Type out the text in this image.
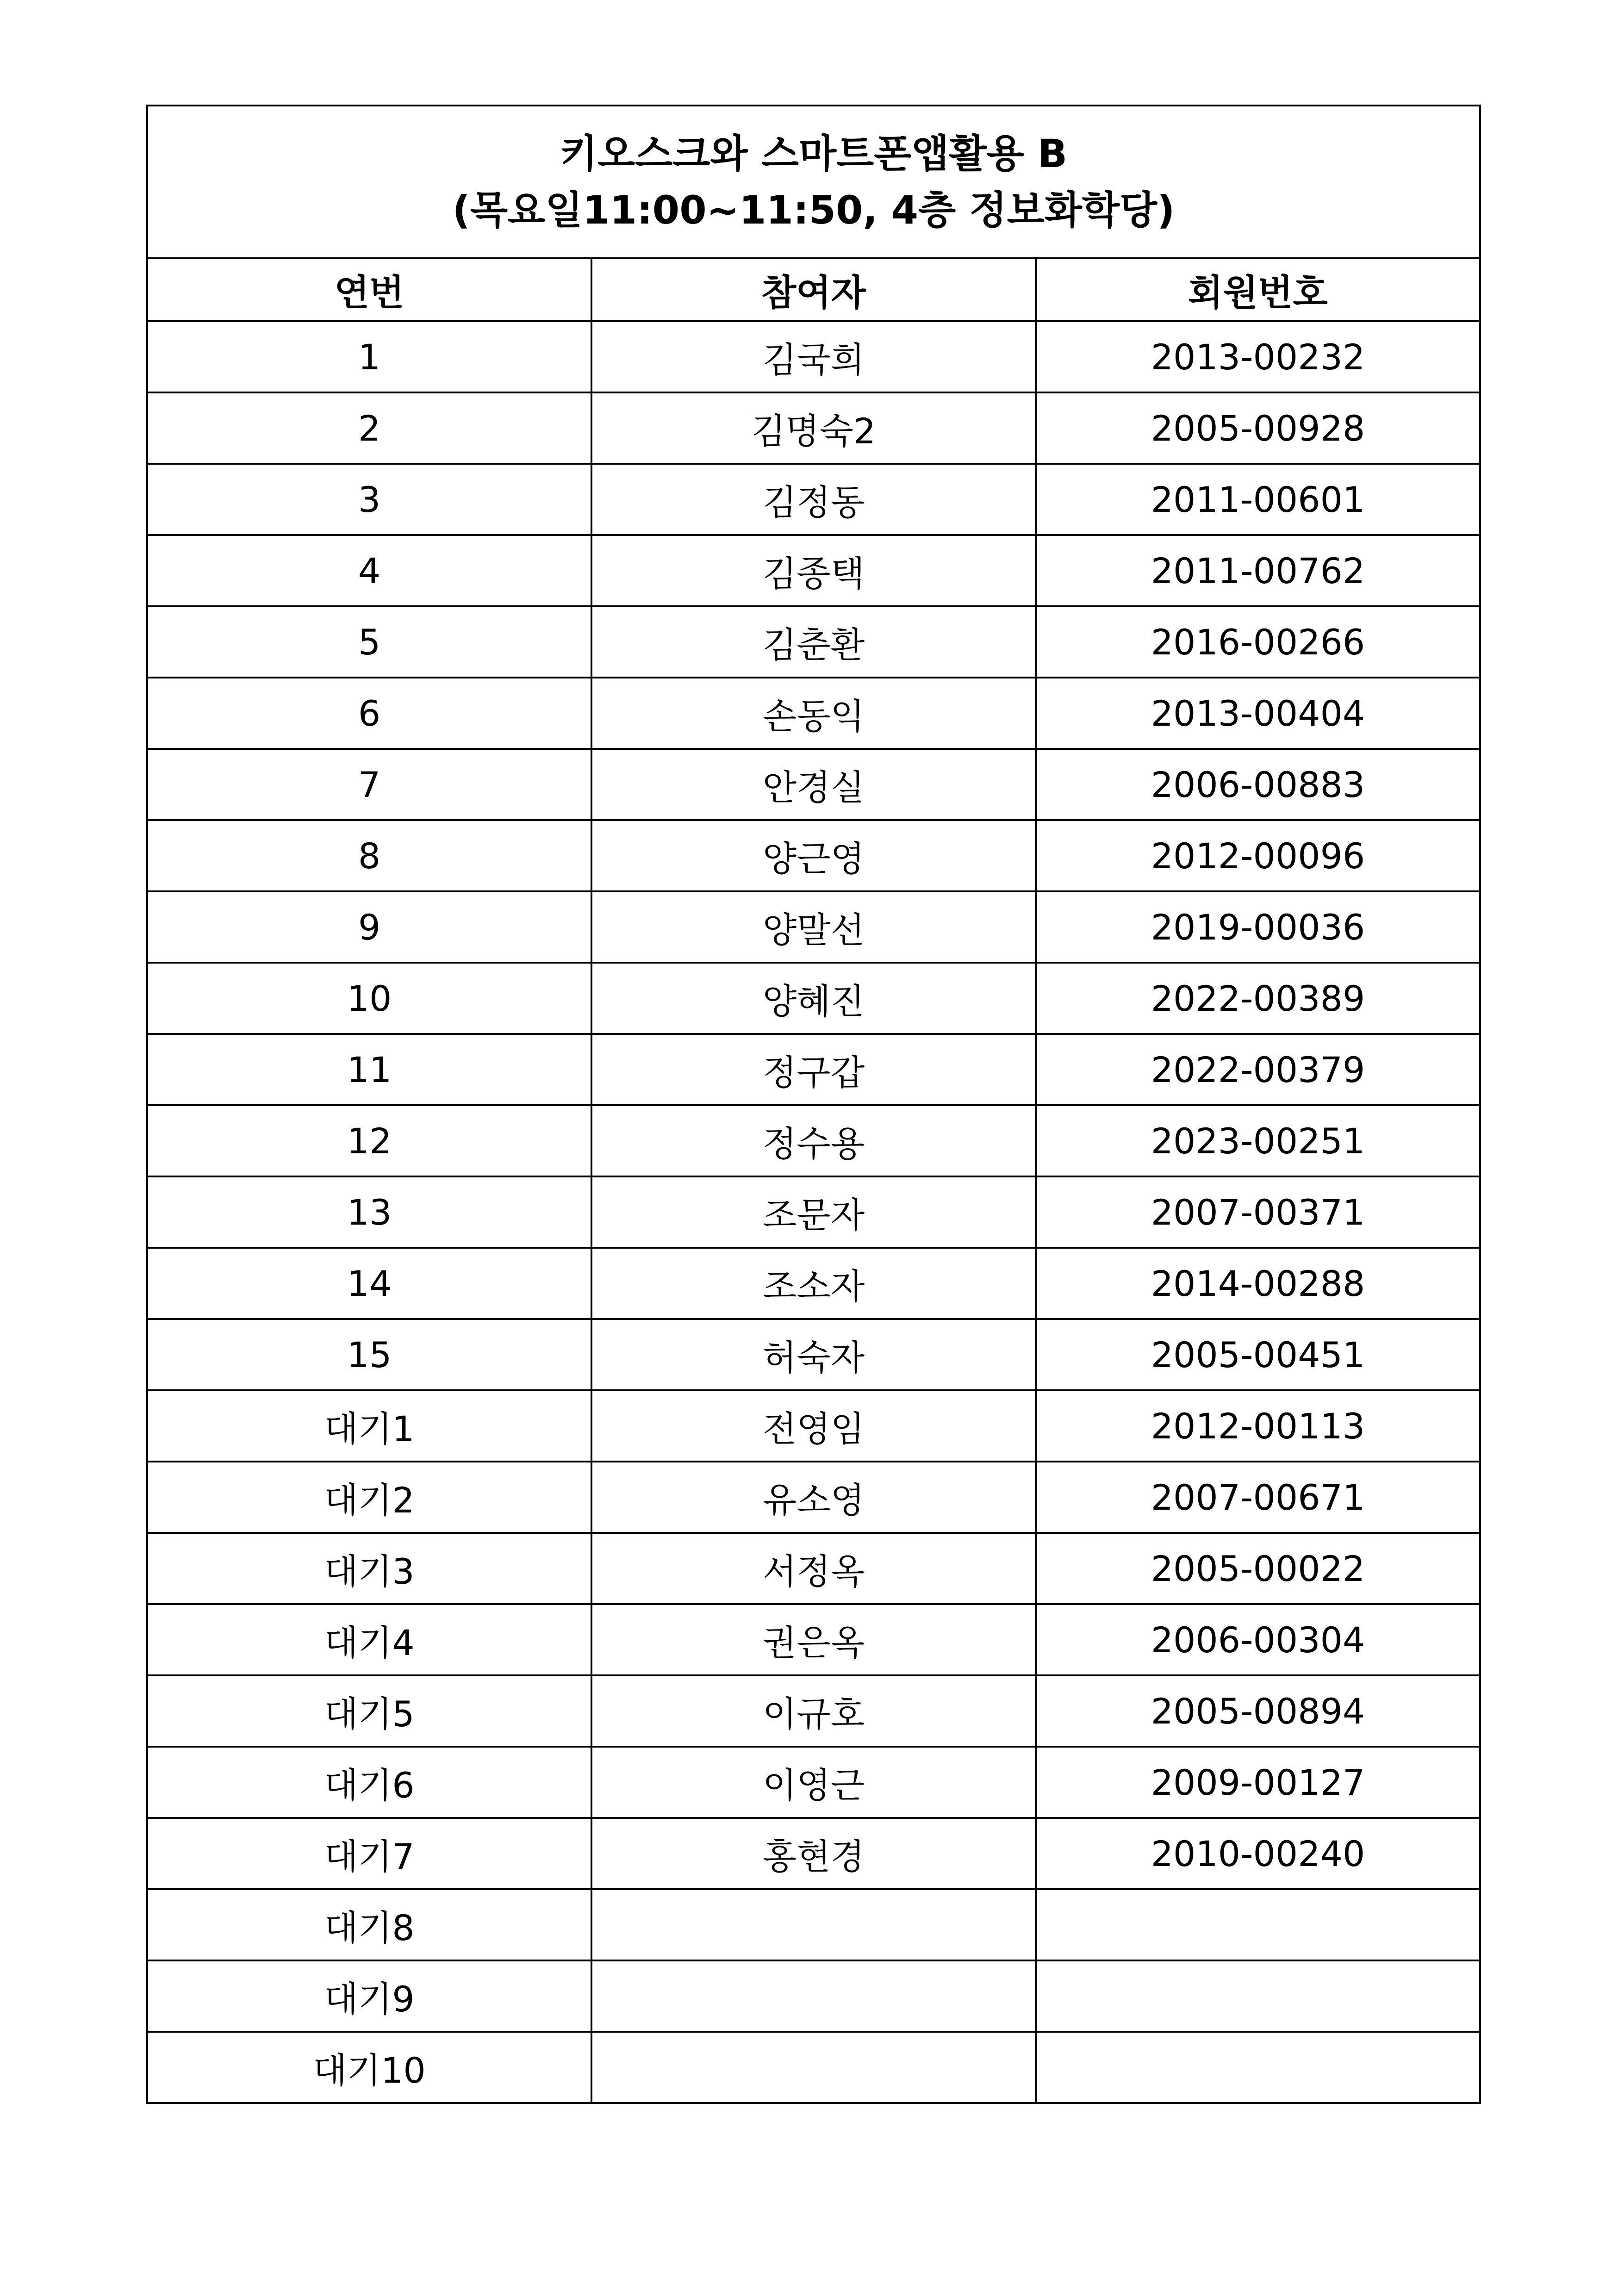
키오스크와 스마트폰앱활용 B
(목요일11:00~11:50, 4층 정보화학당)		

연번	참여자	회원번호
1	김국희	2013-00232
2	김명숙2	2005-00928
3	김정동	2011-00601
4	김종택	2011-00762
5	김춘환	2016-00266
6	손동익	2013-00404
7	안경실	2006-00883
8	양근영	2012-00096
9	양말선	2019-00036
10	양혜진	2022-00389
11	정구갑	2022-00379
12	정수용	2023-00251
13	조문자	2007-00371
14	조소자	2014-00288
15	허숙자	2005-00451
대기1	전영임	2012-00113
대기2	유소영	2007-00671
대기3	서정옥	2005-00022
대기4	권은옥	2006-00304
대기5	이규호	2005-00894
대기6	이영근	2009-00127
대기7	홍현경	2010-00240
대기8		
대기9		
대기10		
